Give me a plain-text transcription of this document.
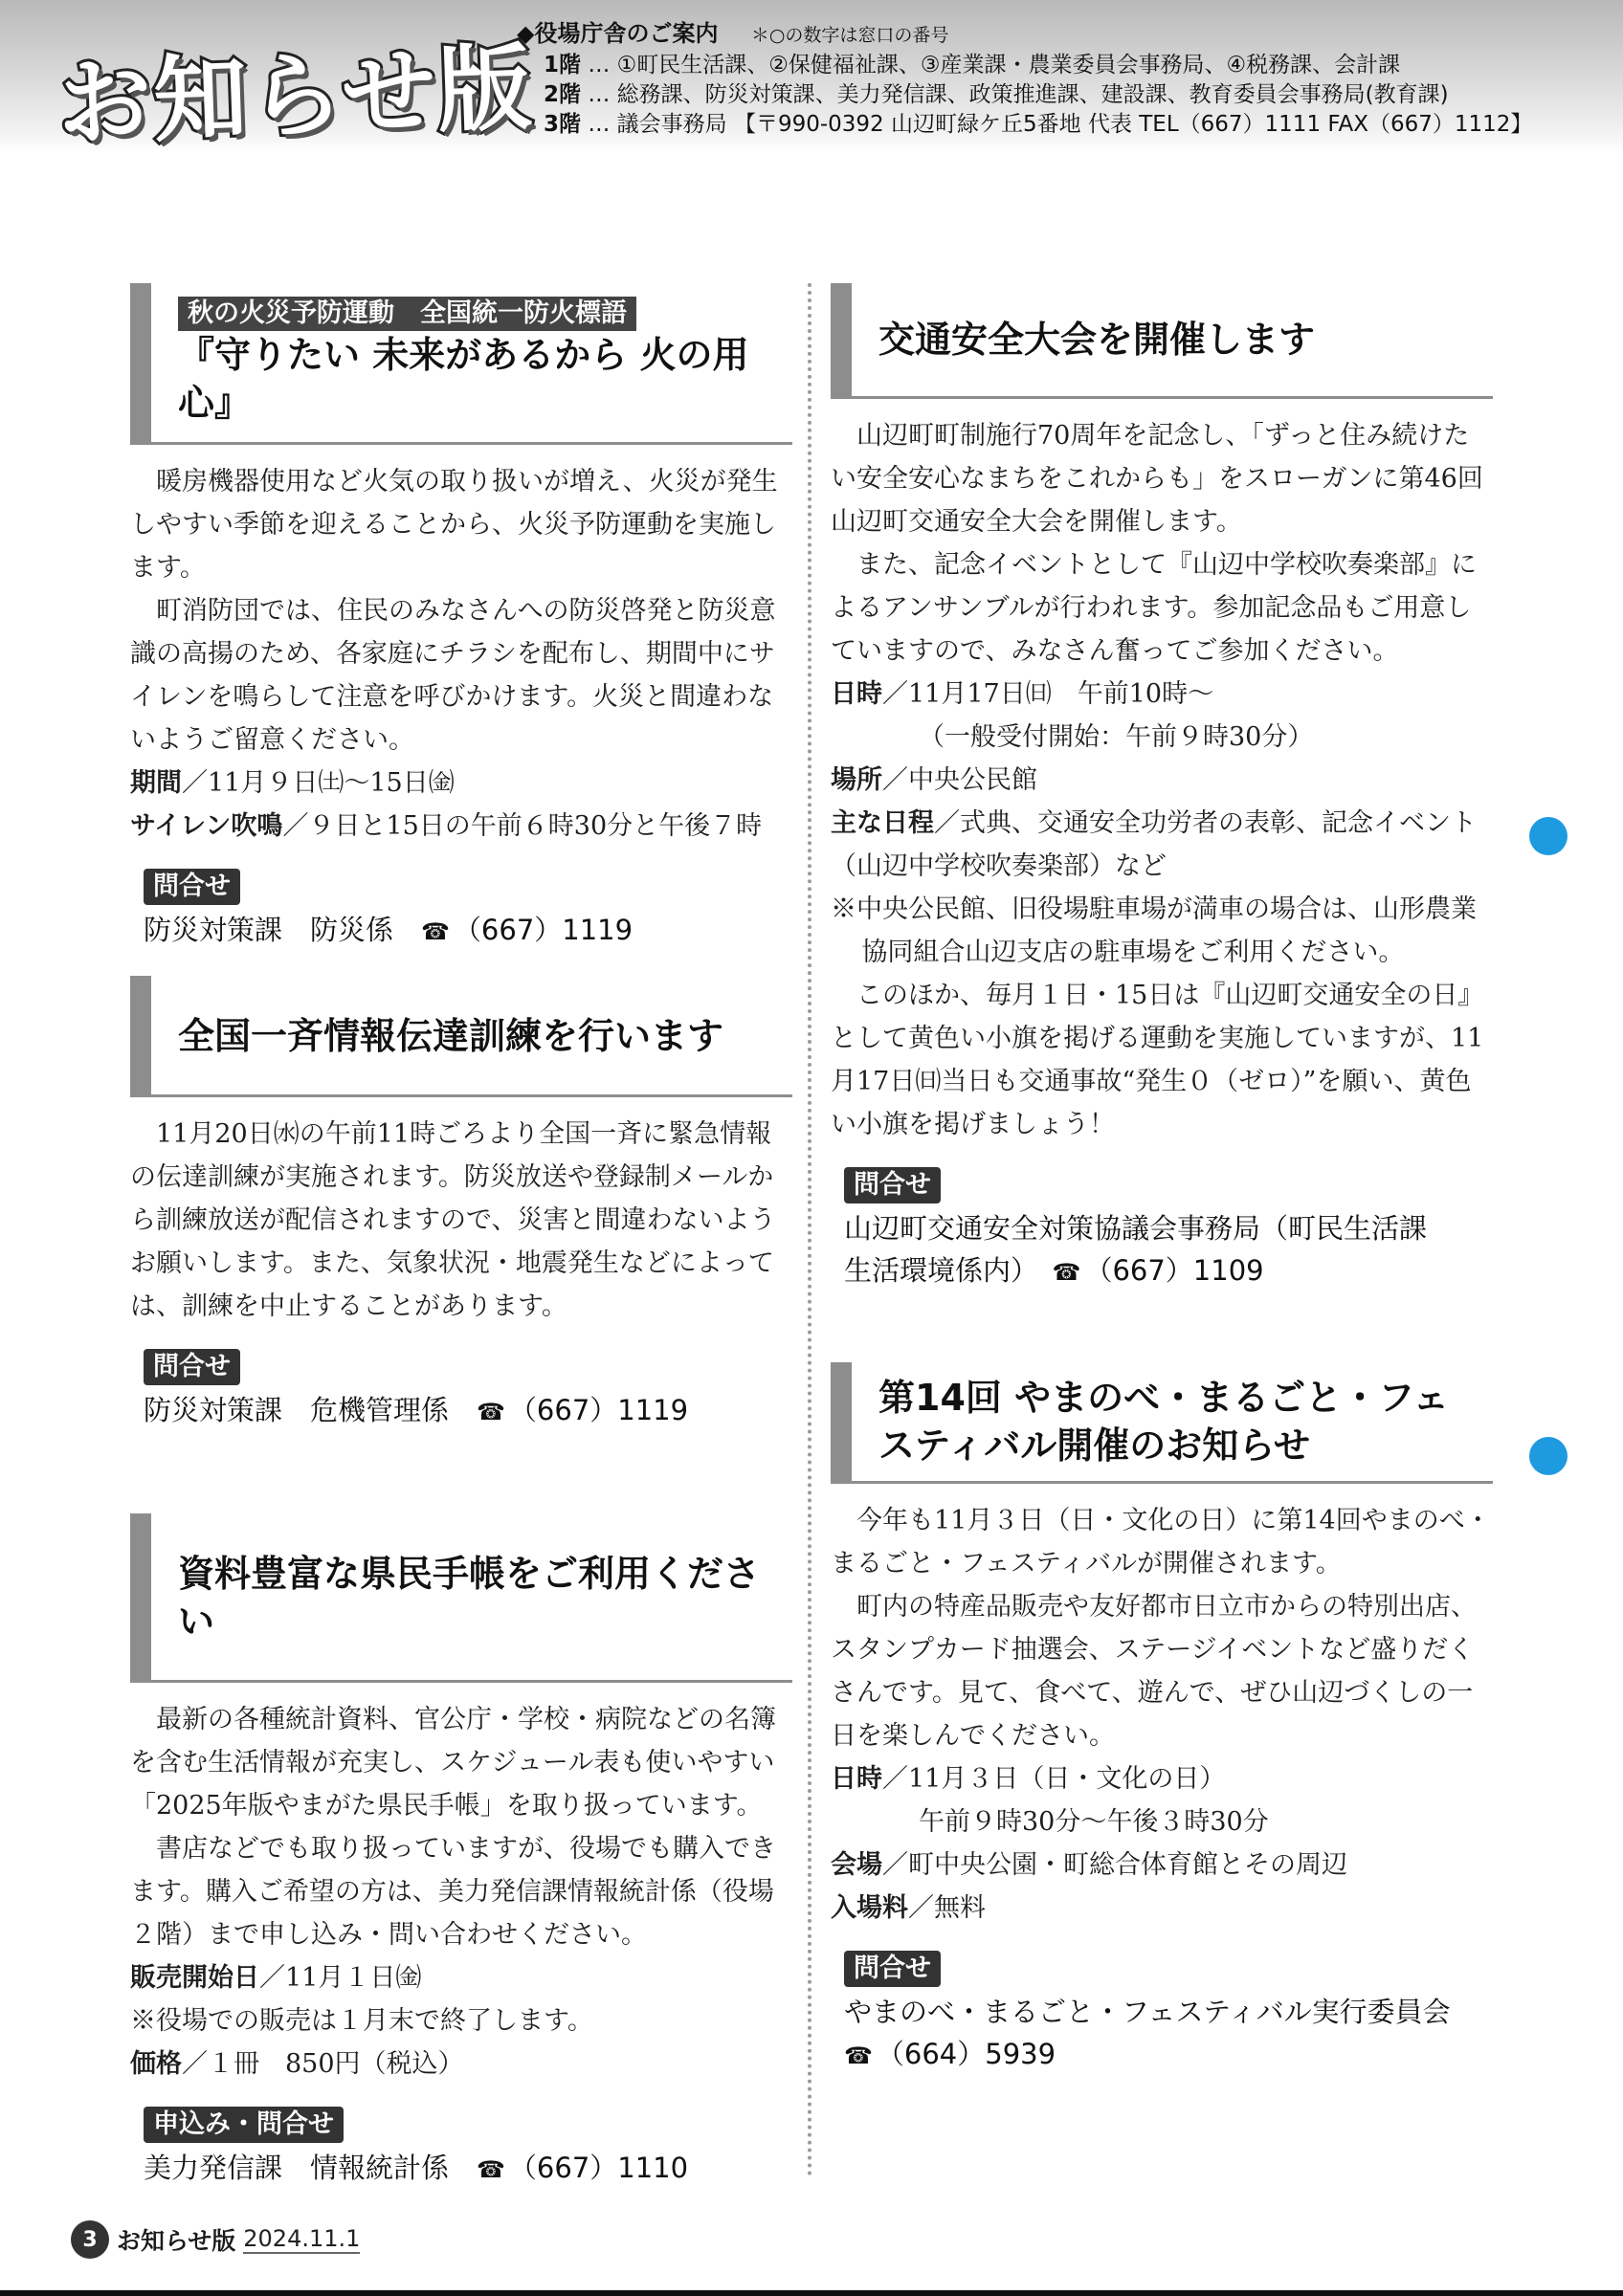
お知らせ版
◆役場庁舎のご案内 ＊○の数字は窓口の番号
1階 … ①町民生活課、②保健福祉課、③産業課・農業委員会事務局、④税務課、会計課
2階 … 総務課、防災対策課、美力発信課、政策推進課、建設課、教育委員会事務局(教育課)
3階 … 議会事務局 【〒990-0392 山辺町緑ケ丘5番地 代表 TEL（667）1111 FAX（667）1112】
秋の火災予防運動　全国統一防火標語
『守りたい 未来があるから 火の用心』

暖房機器使用など火気の取り扱いが増え、火災が発生しやすい季節を迎えることから、火災予防運動を実施します。

町消防団では、住民のみなさんへの防災啓発と防災意識の高揚のため、各家庭にチラシを配布し、期間中にサイレンを鳴らして注意を呼びかけます。火災と間違わないようご留意ください。

期間／11月９日㈯～15日㈮
サイレン吹鳴／９日と15日の午前６時30分と午後７時
問合せ
防災対策課　防災係　☎ （667）1119
全国一斉情報伝達訓練を行います

11月20日㈬の午前11時ごろより全国一斉に緊急情報の伝達訓練が実施されます。防災放送や登録制メールから訓練放送が配信されますので、災害と間違わないようお願いします。また、気象状況・地震発生などによっては、訓練を中止することがあります。

問合せ
防災対策課　危機管理係　☎ （667）1119
資料豊富な県民手帳をご利用ください

最新の各種統計資料、官公庁・学校・病院などの名簿を含む生活情報が充実し、スケジュール表も使いやすい「2025年版やまがた県民手帳」を取り扱っています。

書店などでも取り扱っていますが、役場でも購入できます。購入ご希望の方は、美力発信課情報統計係（役場２階）まで申し込み・問い合わせください。

販売開始日／11月１日㈮
※役場での販売は１月末で終了します。
価格／１冊　850円（税込）
申込み・問合せ
美力発信課　情報統計係　☎ （667）1110
交通安全大会を開催します

山辺町町制施行70周年を記念し、「ずっと住み続けたい安全安心なまちをこれからも」をスローガンに第46回山辺町交通安全大会を開催します。

また、記念イベントとして『山辺中学校吹奏楽部』によるアンサンブルが行われます。参加記念品もご用意していますので、みなさん奮ってご参加ください。

日時／11月17日㈰　午前10時～
（一般受付開始：午前９時30分）
場所／中央公民館
主な日程／式典、交通安全功労者の表彰、記念イベント（山辺中学校吹奏楽部）など
※中央公民館、旧役場駐車場が満車の場合は、山形農業協同組合山辺支店の駐車場をご利用ください。

このほか、毎月１日・15日は『山辺町交通安全の日』として黄色い小旗を掲げる運動を実施していますが、11月17日㈰当日も交通事故“発生０（ゼロ）”を願い、黄色い小旗を掲げましょう！

問合せ
山辺町交通安全対策協議会事務局（町民生活課
生活環境係内）　 ☎ （667）1109
第14回 やまのべ・まるごと・フェ
スティバル開催のお知らせ

今年も11月３日（日・文化の日）に第14回やまのべ・まるごと・フェスティバルが開催されます。

町内の特産品販売や友好都市日立市からの特別出店、スタンプカード抽選会、ステージイベントなど盛りだくさんです。見て、食べて、遊んで、ぜひ山辺づくしの一日を楽しんでください。

日時／11月３日（日・文化の日）
午前９時30分～午後３時30分
会場／町中央公園・町総合体育館とその周辺
入場料／無料
問合せ
やまのべ・まるごと・フェスティバル実行委員会
☎ （664）5939
3 お知らせ版 2024.11.1
